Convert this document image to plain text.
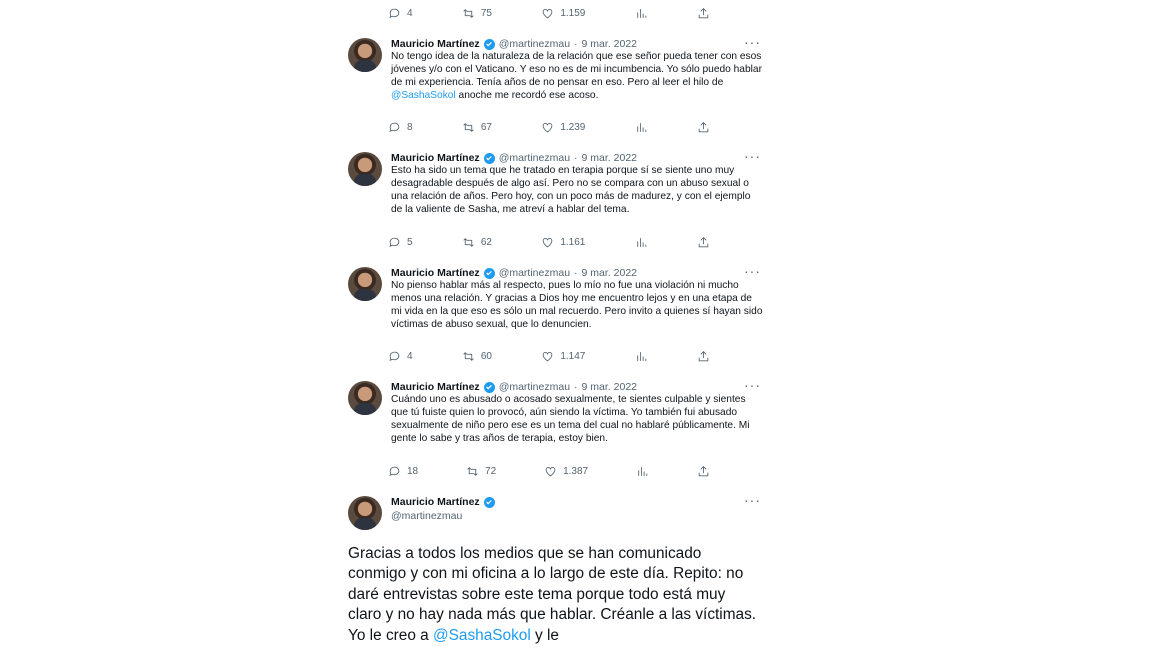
4	75	1.159
Mauricio Martínez @martinezmau · 9 mar. 2022	···
No tengo idea de la naturaleza de la relación que ese señor pueda tener con esos jóvenes y/o con el Vaticano. Y eso no es de mi incumbencia. Yo sólo puedo hablar de mi experiencia. Tenía años de no pensar en eso. Pero al leer el hilo de @SashaSokol anoche me recordó ese acoso.
8	67	1.239
Mauricio Martínez @martinezmau · 9 mar. 2022	···
Esto ha sido un tema que he tratado en terapia porque sí se siente uno muy desagradable después de algo así. Pero no se compara con un abuso sexual o una relación de años. Pero hoy, con un poco más de madurez, y con el ejemplo de la valiente de Sasha, me atreví a hablar del tema.
5	62	1.161
Mauricio Martínez @martinezmau · 9 mar. 2022	···
No pienso hablar más al respecto, pues lo mío no fue una violación ni mucho menos una relación. Y gracias a Dios hoy me encuentro lejos y en una etapa de mi vida en la que eso es sólo un mal recuerdo. Pero invito a quienes sí hayan sido víctimas de abuso sexual, que lo denuncien.
4	60	1.147
Mauricio Martínez @martinezmau · 9 mar. 2022	···
Cuándo uno es abusado o acosado sexualmente, te sientes culpable y sientes que tú fuiste quien lo provocó, aún siendo la víctima. Yo también fui abusado sexualmente de niño pero ese es un tema del cual no hablaré públicamente. Mi gente lo sabe y tras años de terapia, estoy bien.
18	72	1.387
Mauricio Martínez
@martinezmau
···
Gracias a todos los medios que se han comunicado conmigo y con mi oficina a lo largo de este día. Repito: no daré entrevistas sobre este tema porque todo está muy claro y no hay nada más que hablar. Créanle a las víctimas. Yo le creo a @SashaSokol y le
